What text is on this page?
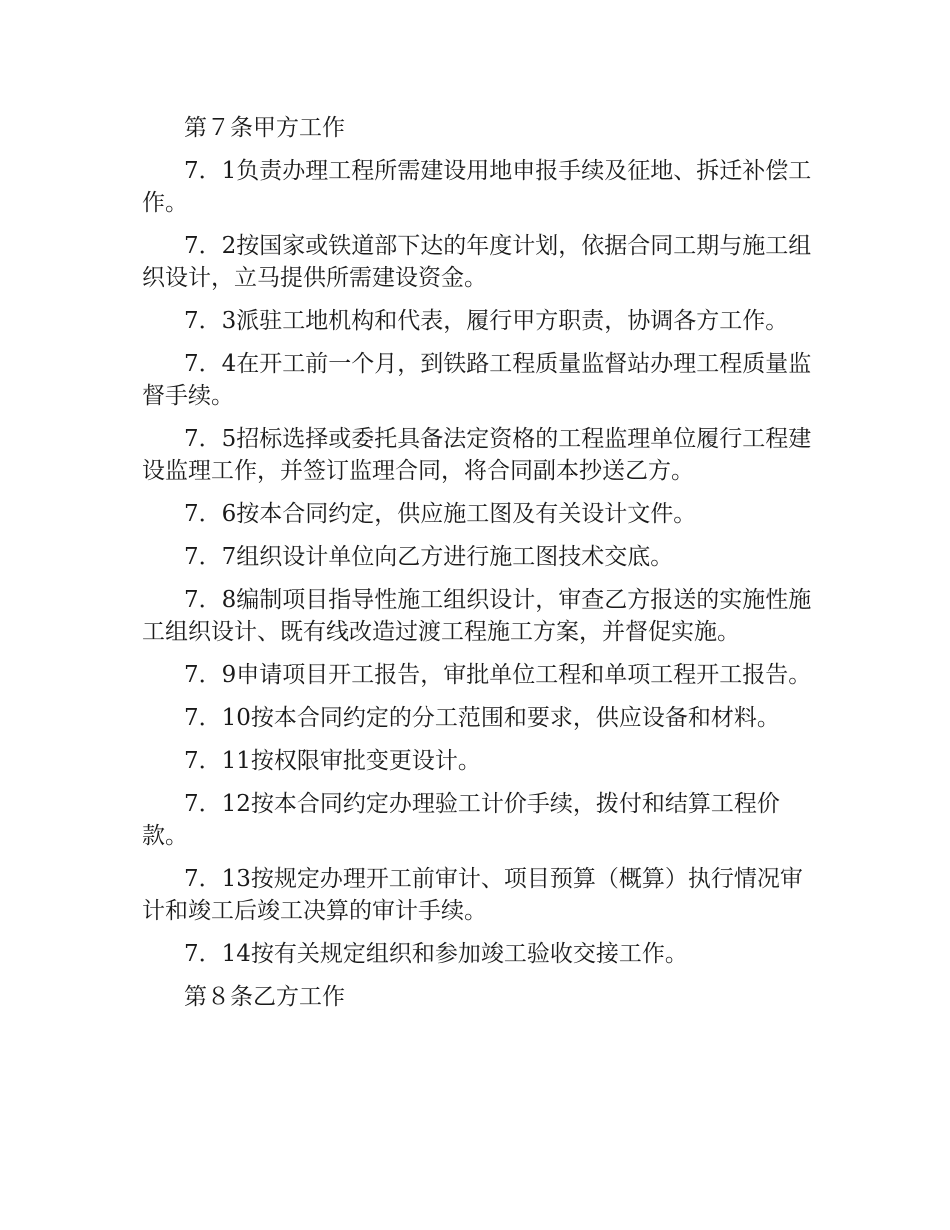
第７条甲方工作

7．1负责办理工程所需建设用地申报手续及征地、拆迁补偿工作。

7．2按国家或铁道部下达的年度计划，依据合同工期与施工组织设计，立马提供所需建设资金。

7．3派驻工地机构和代表，履行甲方职责，协调各方工作。

7．4在开工前一个月，到铁路工程质量监督站办理工程质量监督手续。

7．5招标选择或委托具备法定资格的工程监理单位履行工程建设监理工作，并签订监理合同，将合同副本抄送乙方。

7．6按本合同约定，供应施工图及有关设计文件。

7．7组织设计单位向乙方进行施工图技术交底。

7．8编制项目指导性施工组织设计，审查乙方报送的实施性施工组织设计、既有线改造过渡工程施工方案，并督促实施。

7．9申请项目开工报告，审批单位工程和单项工程开工报告。

7．10按本合同约定的分工范围和要求，供应设备和材料。

7．11按权限审批变更设计。

7．12按本合同约定办理验工计价手续，拨付和结算工程价款。

7．13按规定办理开工前审计、项目预算（概算）执行情况审计和竣工后竣工决算的审计手续。

7．14按有关规定组织和参加竣工验收交接工作。

第８条乙方工作
